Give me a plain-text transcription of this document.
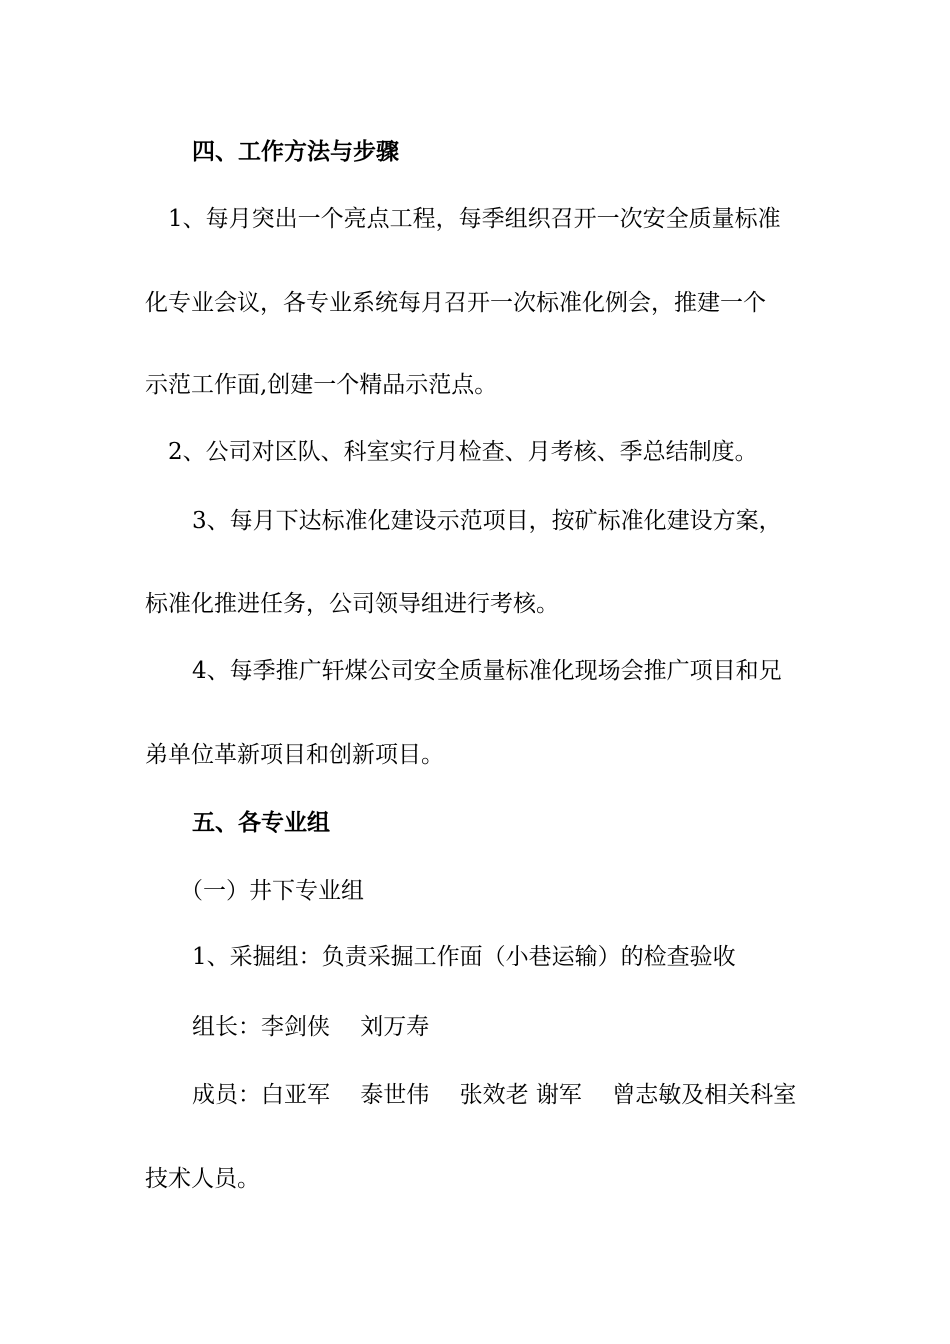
四、工作方法与步骤

1、每月突出一个亮点工程，每季组织召开一次安全质量标准

化专业会议，各专业系统每月召开一次标准化例会，推建一个

示范工作面,创建一个精品示范点。

2、公司对区队、科室实行月检查、月考核、季总结制度。

3、每月下达标准化建设示范项目，按矿标准化建设方案，

标准化推进任务，公司领导组进行考核。

4、每季推广轩煤公司安全质量标准化现场会推广项目和兄

弟单位革新项目和创新项目。

五、各专业组

（一）井下专业组

1、采掘组：负责采掘工作面（小巷运输）的检查验收

组长：李剑侠　 刘万寿

成员：白亚军　 泰世伟　 张效老 谢军　 曾志敏及相关科室

技术人员。
